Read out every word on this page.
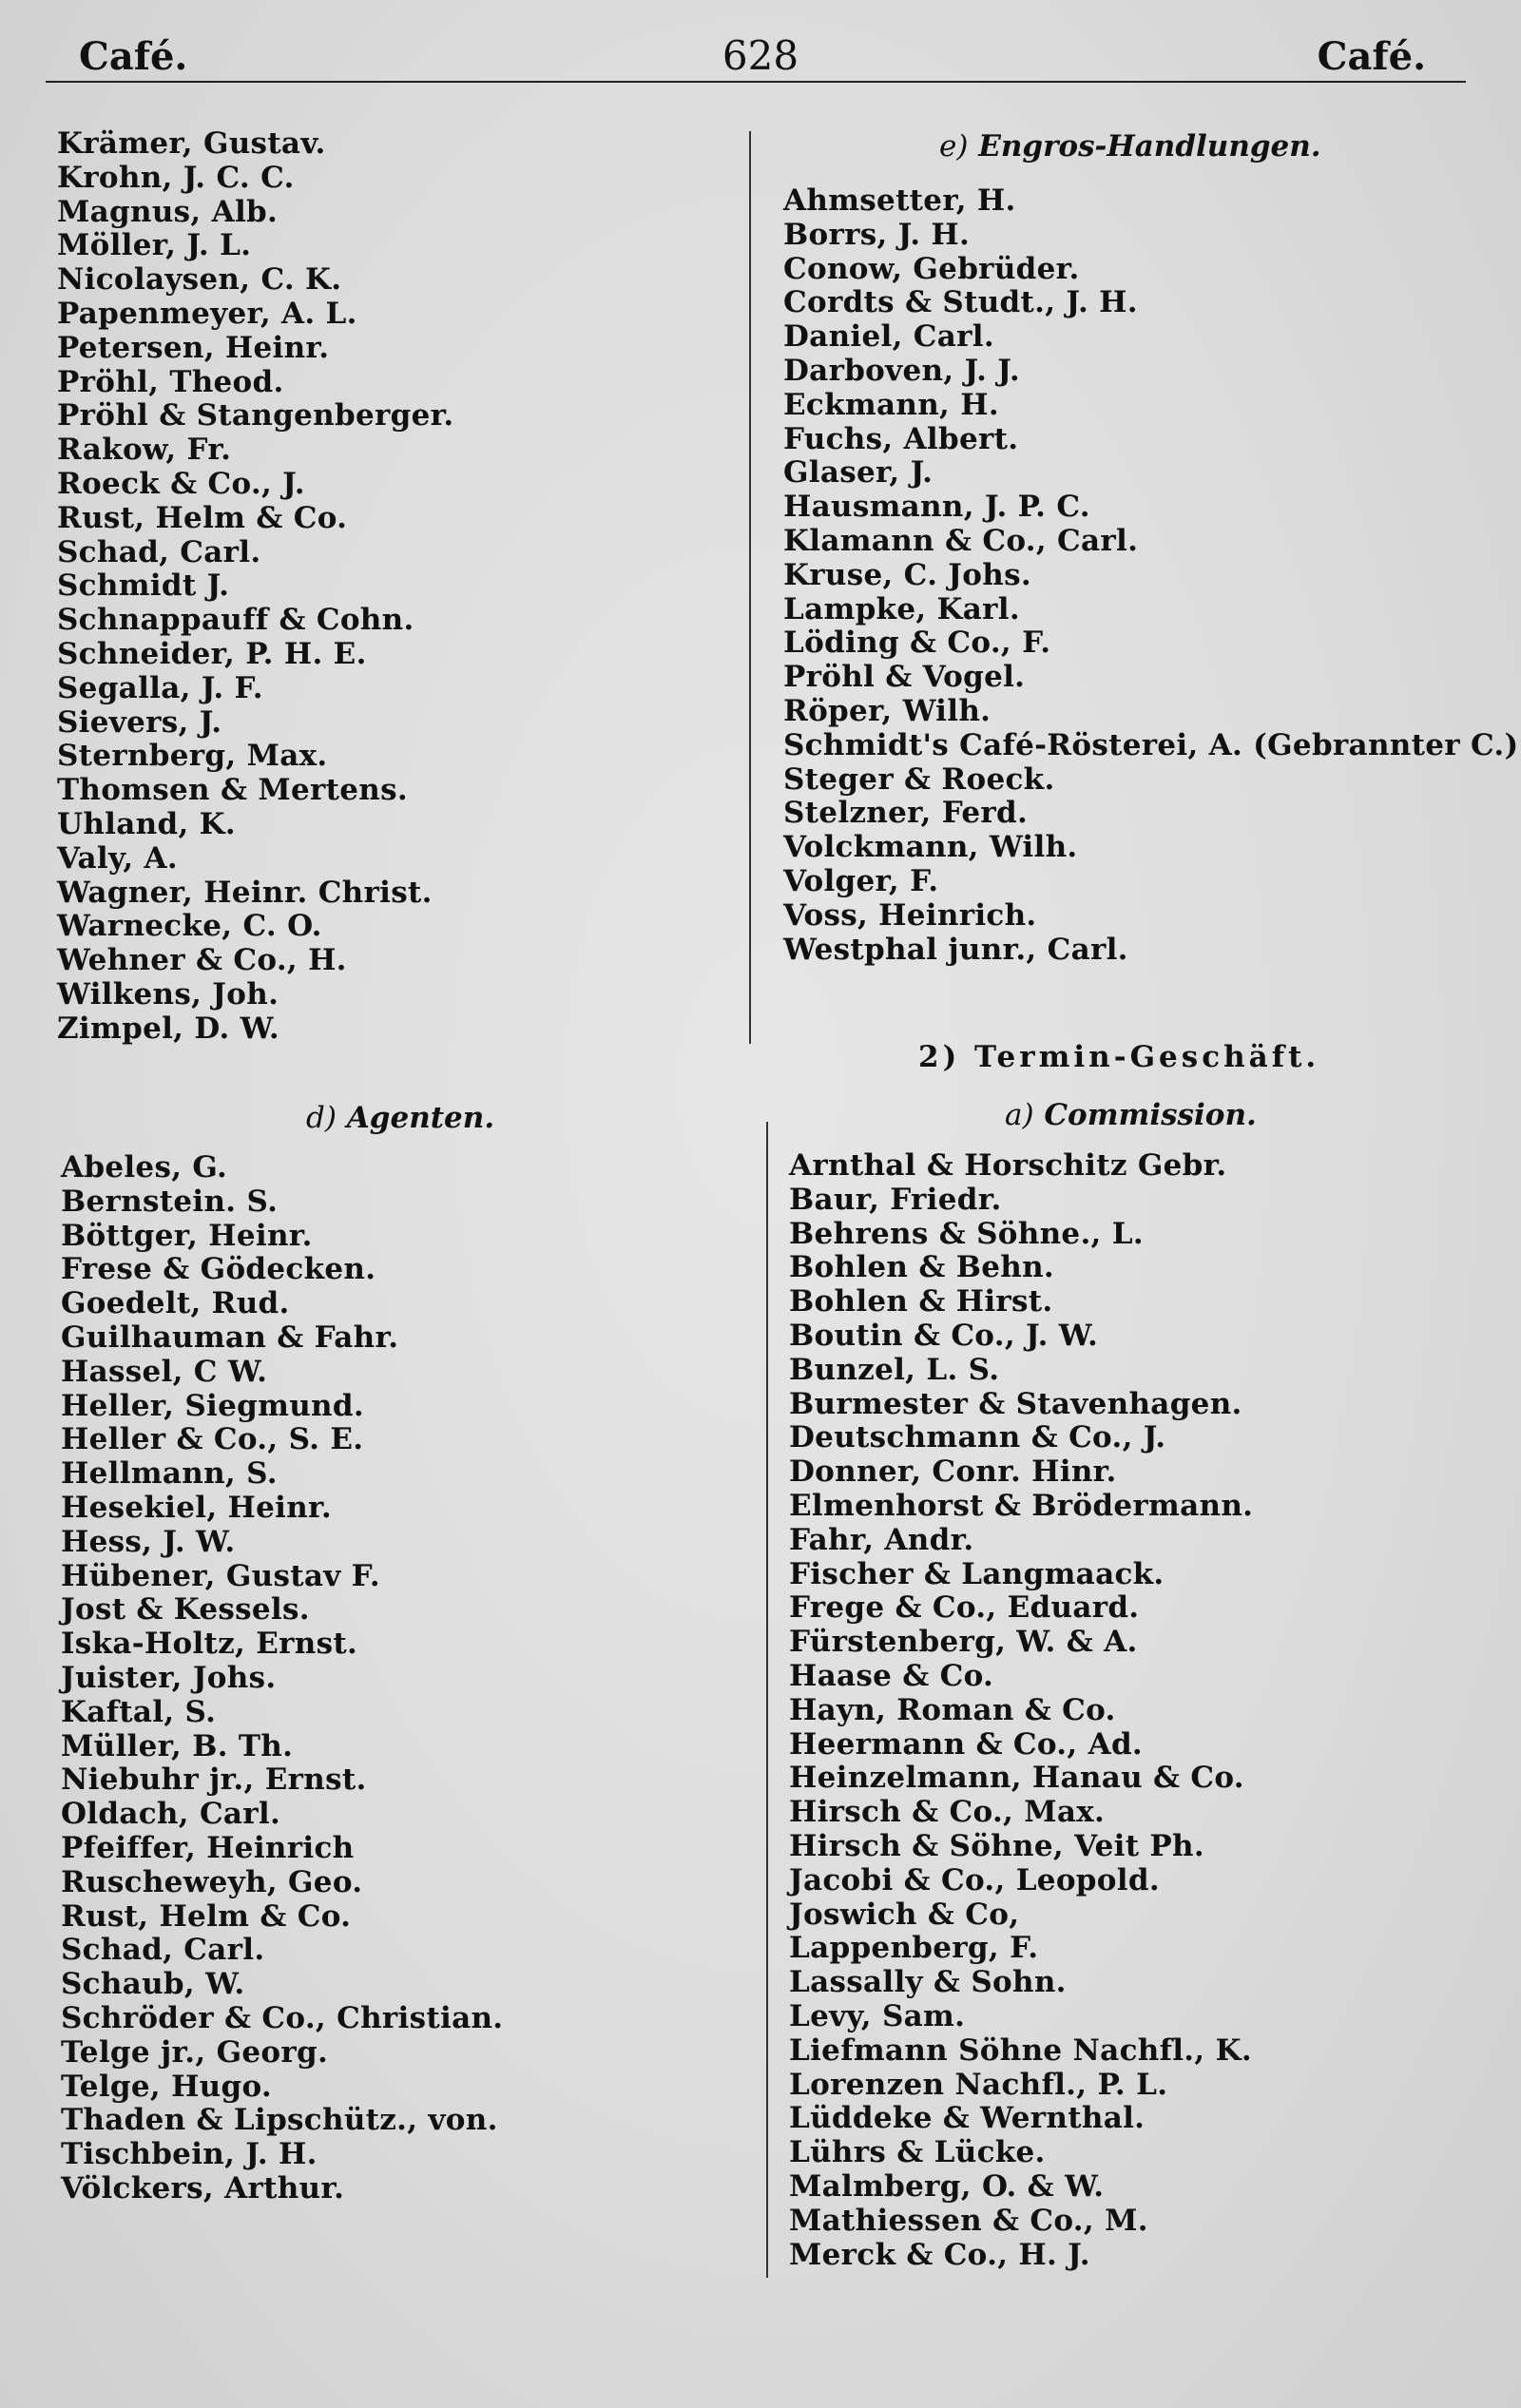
Café.	628	Café.
Krämer, Gustav.
Krohn, J. C. C.
Magnus, Alb.
Möller, J. L.
Nicolaysen, C. K.
Papenmeyer, A. L.
Petersen, Heinr.
Pröhl, Theod.
Pröhl & Stangenberger.
Rakow, Fr.
Roeck & Co., J.
Rust, Helm & Co.
Schad, Carl.
Schmidt J.
Schnappauff & Cohn.
Schneider, P. H. E.
Segalla, J. F.
Sievers, J.
Sternberg, Max.
Thomsen & Mertens.
Uhland, K.
Valy, A.
Wagner, Heinr. Christ.
Warnecke, C. O.
Wehner & Co., H.
Wilkens, Joh.
Zimpel, D. W.
d) Agenten.
Abeles, G.
Bernstein. S.
Böttger, Heinr.
Frese & Gödecken.
Goedelt, Rud.
Guilhauman & Fahr.
Hassel, C W.
Heller, Siegmund.
Heller & Co., S. E.
Hellmann, S.
Hesekiel, Heinr.
Hess, J. W.
Hübener, Gustav F.
Jost & Kessels.
Iska-Holtz, Ernst.
Juister, Johs.
Kaftal, S.
Müller, B. Th.
Niebuhr jr., Ernst.
Oldach, Carl.
Pfeiffer, Heinrich
Ruscheweyh, Geo.
Rust, Helm & Co.
Schad, Carl.
Schaub, W.
Schröder & Co., Christian.
Telge jr., Georg.
Telge, Hugo.
Thaden & Lipschütz., von.
Tischbein, J. H.
Völckers, Arthur.
e) Engros-Handlungen.
Ahmsetter, H.
Borrs, J. H.
Conow, Gebrüder.
Cordts & Studt., J. H.
Daniel, Carl.
Darboven, J. J.
Eckmann, H.
Fuchs, Albert.
Glaser, J.
Hausmann, J. P. C.
Klamann & Co., Carl.
Kruse, C. Johs.
Lampke, Karl.
Löding & Co., F.
Pröhl & Vogel.
Röper, Wilh.
Schmidt's Café-Rösterei, A. (Gebrannter C.)
Steger & Roeck.
Stelzner, Ferd.
Volckmann, Wilh.
Volger, F.
Voss, Heinrich.
Westphal junr., Carl.
2) Termin-Geschäft.
a) Commission.
Arnthal & Horschitz Gebr.
Baur, Friedr.
Behrens & Söhne., L.
Bohlen & Behn.
Bohlen & Hirst.
Boutin & Co., J. W.
Bunzel, L. S.
Burmester & Stavenhagen.
Deutschmann & Co., J.
Donner, Conr. Hinr.
Elmenhorst & Brödermann.
Fahr, Andr.
Fischer & Langmaack.
Frege & Co., Eduard.
Fürstenberg, W. & A.
Haase & Co.
Hayn, Roman & Co.
Heermann & Co., Ad.
Heinzelmann, Hanau & Co.
Hirsch & Co., Max.
Hirsch & Söhne, Veit Ph.
Jacobi & Co., Leopold.
Joswich & Co,
Lappenberg, F.
Lassally & Sohn.
Levy, Sam.
Liefmann Söhne Nachfl., K.
Lorenzen Nachfl., P. L.
Lüddeke & Wernthal.
Lührs & Lücke.
Malmberg, O. & W.
Mathiessen & Co., M.
Merck & Co., H. J.
